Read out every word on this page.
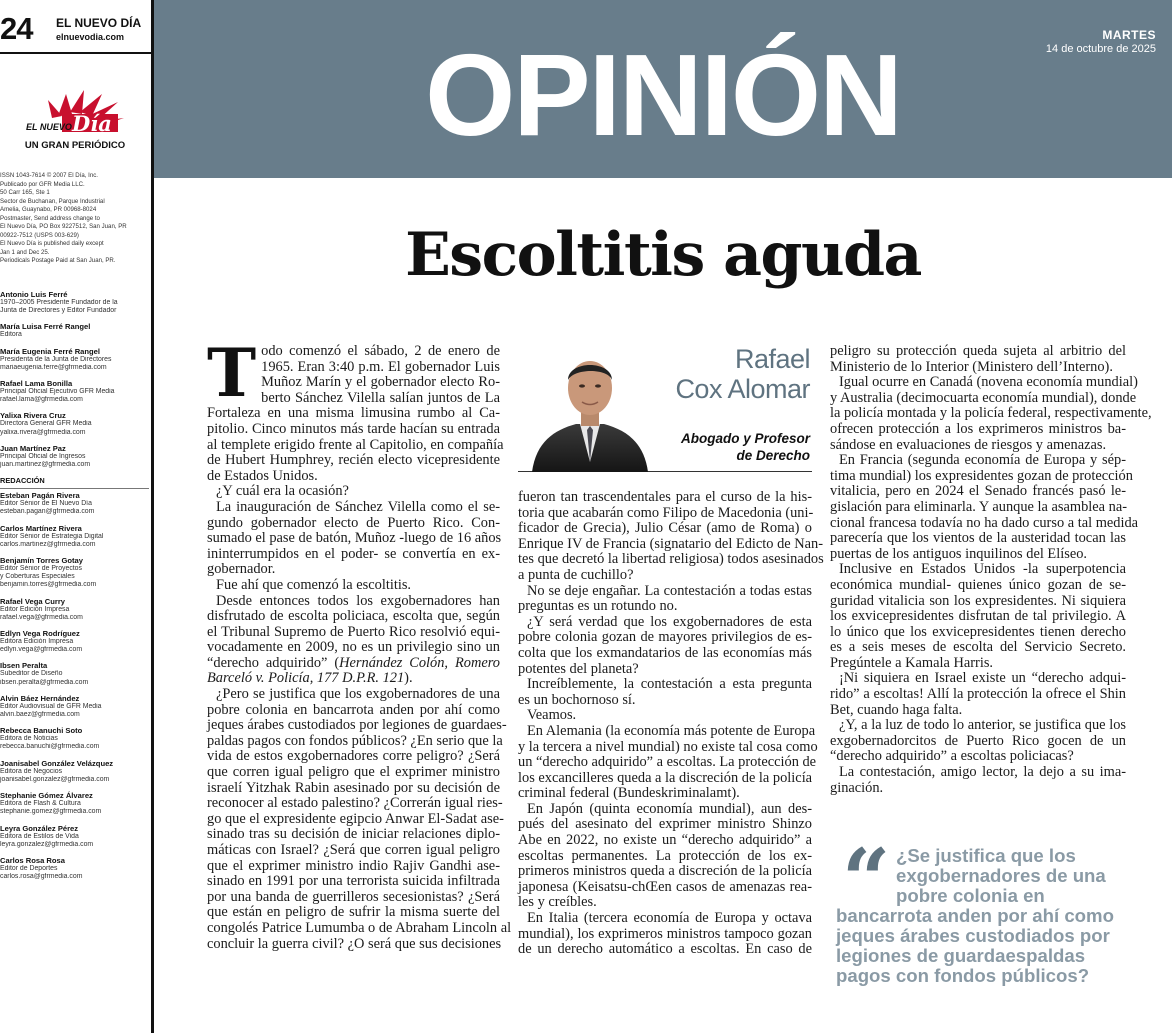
24 EL NUEVO DÍA
elnuevodia.com
EL NUEVO Día
UN GRAN PERIÓDICO
ISSN 1043-7614 © 2007 El Día, Inc.
Publicado por GFR Media LLC.
50 Carr 165, Ste 1
Sector de Buchanan, Parque Industrial
Amelia, Guaynabo, PR 00968-8024
Postmaster, Send address change to
El Nuevo Día, PO Box 9227512, San Juan, PR
00922-7512 (USPS 003-629)
El Nuevo Día is published daily except
Jan 1 and Dec 25.
Periodicals Postage Paid at San Juan, PR.
Antonio Luis Ferré
1970–2005 Presidente Fundador de la
Junta de Directores y Editor Fundador
María Luisa Ferré Rangel
Editora
María Eugenia Ferré Rangel
Presidenta de la Junta de Directores
mariaeugenia.ferre@gfrmedia.com
Rafael Lama Bonilla
Principal Oficial Ejecutivo GFR Media
rafael.lama@gfrmedia.com
Yalixa Rivera Cruz
Directora General GFR Media
yalixa.rivera@gfrmedia.com
Juan Martínez Paz
Principal Oficial de Ingresos
juan.martinez@gfrmedia.com
REDACCIÓN
Esteban Pagán Rivera
Editor Sénior de El Nuevo Día
esteban.pagan@gfrmedia.com
Carlos Martínez Rivera
Editor Sénior de Estrategia Digital
carlos.martinez@gfrmedia.com
Benjamín Torres Gotay
Editor Sénior de Proyectos
y Coberturas Especiales
benjamin.torres@gfrmedia.com
Rafael Vega Curry
Editor Edición Impresa
rafael.vega@gfrmedia.com
Edlyn Vega Rodríguez
Editora Edición Impresa
edlyn.vega@gfrmedia.com
Ibsen Peralta
Subeditor de Diseño
ibsen.peralta@gfrmedia.com
Alvin Báez Hernández
Editor Audiovisual de GFR Media
alvin.baez@gfrmedia.com
Rebecca Banuchi Soto
Editora de Noticias
rebecca.banuchi@gfrmedia.com
Joanisabel González Velázquez
Editora de Negocios
joanisabel.gonzalez@gfrmedia.com
Stephanie Gómez Álvarez
Editora de Flash & Cultura
stephanie.gomez@gfrmedia.com
Leyra González Pérez
Editora de Estilos de Vida
leyra.gonzalez@gfrmedia.com
Carlos Rosa Rosa
Editor de Deportes
carlos.rosa@gfrmedia.com
OPINIÓN	MARTES
14 de octubre de 2025
Escoltitis aguda
T odo comenzó el sábado, 2 de enero de

1965. Eran 3:40 p.m. El gobernador Luis

Muñoz Marín y el gobernador electo Ro-

berto Sánchez Vilella salían juntos de La

Fortaleza en una misma limusina rumbo al Ca-

pitolio. Cinco minutos más tarde hacían su entrada

al templete erigido frente al Capitolio, en compañía

de Hubert Humphrey, recién electo vicepresidente

de Estados Unidos.

¿Y cuál era la ocasión?

La inauguración de Sánchez Vilella como el se-

gundo gobernador electo de Puerto Rico. Con-

sumado el pase de batón, Muñoz -luego de 16 años

ininterrumpidos en el poder- se convertía en ex-

gobernador.

Fue ahí que comenzó la escoltitis.

Desde entonces todos los exgobernadores han

disfrutado de escolta policiaca, escolta que, según

el Tribunal Supremo de Puerto Rico resolvió equi-

vocadamente en 2009, no es un privilegio sino un

“derecho adquirido” (Hernández Colón, Romero

Barceló v. Policía, 177 D.P.R. 121).

¿Pero se justifica que los exgobernadores de una

pobre colonia en bancarrota anden por ahí como

jeques árabes custodiados por legiones de guardaes-

paldas pagos con fondos públicos? ¿En serio que la

vida de estos exgobernadores corre peligro? ¿Será

que corren igual peligro que el exprimer ministro

israelí Yitzhak Rabin asesinado por su decisión de

reconocer al estado palestino? ¿Correrán igual ries-

go que el expresidente egipcio Anwar El-Sadat ase-

sinado tras su decisión de iniciar relaciones diplo-

máticas con Israel? ¿Será que corren igual peligro

que el exprimer ministro indio Rajiv Gandhi ase-

sinado en 1991 por una terrorista suicida infiltrada

por una banda de guerrilleros secesionistas? ¿Será

que están en peligro de sufrir la misma suerte del

congolés Patrice Lumumba o de Abraham Lincoln al

concluir la guerra civil? ¿O será que sus decisiones

Rafael
Cox Alomar
Abogado y Profesor
de Derecho

fueron tan trascendentales para el curso de la his-

toria que acabarán como Filipo de Macedonia (uni-

ficador de Grecia), Julio César (amo de Roma) o

Enrique IV de Francia (signatario del Edicto de Nan-

tes que decretó la libertad religiosa) todos asesinados

a punta de cuchillo?

No se deje engañar. La contestación a todas estas

preguntas es un rotundo no.

¿Y será verdad que los exgobernadores de esta

pobre colonia gozan de mayores privilegios de es-

colta que los exmandatarios de las economías más

potentes del planeta?

Increíblemente, la contestación a esta pregunta

es un bochornoso sí.

Veamos.

En Alemania (la economía más potente de Europa

y la tercera a nivel mundial) no existe tal cosa como

un “derecho adquirido” a escoltas. La protección de

los excancilleres queda a la discreción de la policía

criminal federal (Bundeskriminalamt).

En Japón (quinta economía mundial), aun des-

pués del asesinato del exprimer ministro Shinzo

Abe en 2022, no existe un “derecho adquirido” a

escoltas permanentes. La protección de los ex-

primeros ministros queda a discreción de la policía

japonesa (Keisatsu-chŒen casos de amenazas rea-

les y creíbles.

En Italia (tercera economía de Europa y octava

mundial), los exprimeros ministros tampoco gozan

de un derecho automático a escoltas. En caso de

peligro su protección queda sujeta al arbitrio del

Ministerio de lo Interior (Ministero dell’Interno).

Igual ocurre en Canadá (novena economía mundial)

y Australia (decimocuarta economía mundial), donde

la policía montada y la policía federal, respectivamente,

ofrecen protección a los exprimeros ministros ba-

sándose en evaluaciones de riesgos y amenazas.

En Francia (segunda economía de Europa y sép-

tima mundial) los expresidentes gozan de protección

vitalicia, pero en 2024 el Senado francés pasó le-

gislación para eliminarla. Y aunque la asamblea na-

cional francesa todavía no ha dado curso a tal medida

parecería que los vientos de la austeridad tocan las

puertas de los antiguos inquilinos del Elíseo.

Inclusive en Estados Unidos -la superpotencia

económica mundial- quienes único gozan de se-

guridad vitalicia son los expresidentes. Ni siquiera

los exvicepresidentes disfrutan de tal privilegio. A

lo único que los exvicepresidentes tienen derecho

es a seis meses de escolta del Servicio Secreto.

Pregúntele a Kamala Harris.

¡Ni siquiera en Israel existe un “derecho adqui-

rido” a escoltas! Allí la protección la ofrece el Shin

Bet, cuando haga falta.

¿Y, a la luz de todo lo anterior, se justifica que los

exgobernadorcitos de Puerto Rico gocen de un

“derecho adquirido” a escoltas policiacas?

La contestación, amigo lector, la dejo a su ima-

ginación.

“ ¿Se justifica que los
exgobernadores de una
pobre colonia en
bancarrota anden por ahí como
jeques árabes custodiados por
legiones de guardaespaldas
pagos con fondos públicos?
